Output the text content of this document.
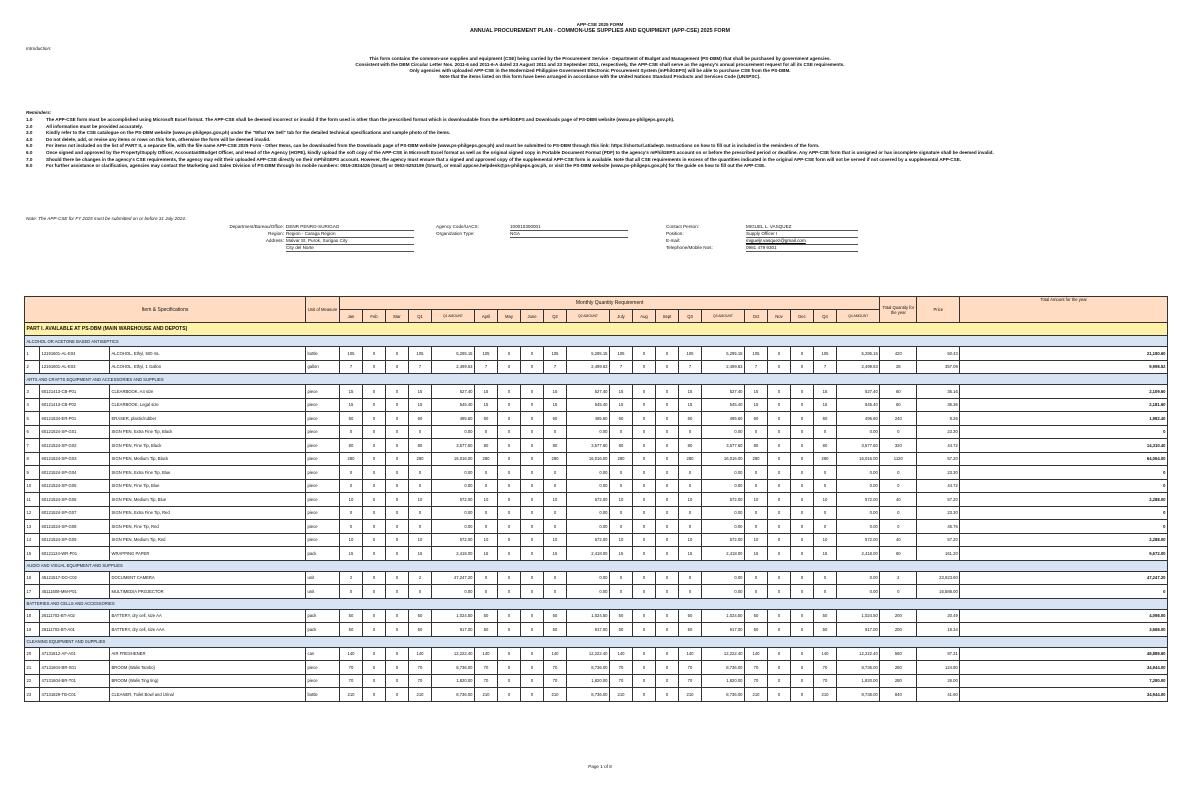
APP-CSE 2025 FORM
ANNUAL PROCUREMENT PLAN - COMMON-USE SUPPLIES AND EQUIPMENT (APP-CSE) 2025 FORM
Introduction:
This form contains the common-use supplies and equipment (CSE) being carried by the Procurement Service - Department of Budget and Management (PS-DBM) that shall be purchased by government agencies.
Consistent with the DBM Circular Letter Nos. 2011-6 and 2011-6-A dated 23 August 2011 and 23 September 2011, respectively, the APP-CSE shall serve as the agency's annual procurement request for all its CSE requirements.
Only agencies with uploaded APP-CSE in the Modernized Philippine Government Electronic Procurement System (mPhilGEPS) will be able to purchase CSE from the PS-DBM.
Note that the items listed on this form have been arranged in accordance with the United Nations Standard Products and Services Code (UNSPSC).
Reminders:
1.0	The APP-CSE form must be accomplished using Microsoft Excel format. The APP-CSE shall be deemed incorrect or invalid if the form used is other than the prescribed format which is downloadable from the mPhilGEPS and Downloads page of PS-DBM website (www.ps-philgeps.gov.ph).
2.0	All information must be provided accurately.
3.0	Kindly refer to the CSE catalogue on the PS-DBM website (www.ps-philgeps.gov.ph) under the "What We Sell" tab for the detailed technical specifications and sample photo of the items.
4.0	Do not delete, add, or revise any items or rows on this form, otherwise the form will be deemed invalid.
5.0	For items not included on the list of PART II, a separate file, with the file name APP-CSE 2025 Form - Other Items, can be downloaded from the Downloads page of PS-DBM website (www.ps-philgeps.gov.ph) and must be submitted to PS-DBM through this link: https://shorturl.at/adeq0. Instructions on how to fill out is included in the reminders of the form.
6.0	Once signed and approved by the Property/Supply Officer, Accountant/Budget Officer, and Head of the Agency (HOPE), kindly upload the soft copy of the APP-CSE in Microsoft Excel format as well as the original signed copy in Portable Document Format (PDF) to the agency's mPhilGEPS account on or before the prescribed period or deadline. Any APP-CSE form that is unsigned or has incomplete signature shall be deemed invalid.
7.0	Should there be changes in the agency's CSE requirements, the agency may edit their uploaded APP-CSE directly on their mPhilGEPS account. However, the agency must ensure that a signed and approved copy of the supplemental APP-CSE form is available. Note that all CSE requirements in excess of the quantities indicated in the original APP-CSE form will not be served if not covered by a supplemental APP-CSE.
8.0	For further assistance or clarification, agencies may contact the Marketing and Sales Division of PS-DBM through its mobile numbers: 0919-2934426 (Smart) or 0902-5253199 (Smart), or email appcse.helpdesk@ps-philgeps.gov.ph, or visit the PS-DBM website (www.ps-philgeps.gov.ph) for the guide on how to fill out the APP-CSE.
Note: The APP-CSE for FY 2025 must be submitted on or before 31 July 2024.
Department/Bureau/Office: DENR PENRO-SURIGAO
Region: Region - Caraga Region
Address: Malvar St. Purok, Surigao City
City del Norte
Agency Code/UACS:	100010300001
Organization Type:	NGA
Contact Person:	MIGUEL L. VASQUEZ
Position:	Supply Officer I
E-mail:	migueljr.vasquez@gmail.com
Telephone/Mobile Nos:	0981 479 9301
Item & Specifications			Unit of Measure	Monthly Quantity Requirement																				Total Quantity for the year	Price	Total Amount for the year
				Jan	Feb	Mar	Q1	Q1 AMOUNT	April	May	June	Q2	Q2 AMOUNT	July	Aug	Sept	Q3	Q3 AMOUNT	Oct	Nov	Dec	Q4	Q4 AMOUNT			
PART I. AVAILABLE AT PS-DBM (MAIN WAREHOUSE AND DEPOTS)																										
ALCOHOL OR ACETONE BASED ANTISEPTICS																										
1	12191601-AL-E04	ALCOHOL, Ethyl, 500 mL	bottle	105	0	0	105	5,295.15	105	0	0	105	5,295.15	105	0	0	105	5,295.15	105	0	0	105	5,295.15	420	50.43	21,180.60
2	12191601-AL-E03	ALCOHOL, Ethyl, 1 Gallon	gallon	7	0	0	7	2,499.63	7	0	0	7	2,499.63	7	0	0	7	2,499.63	7	0	0	7	2,499.63	28	357.09	9,998.52
ARTS AND CRAFTS EQUIPMENT AND ACCESSORIES AND SUPPLIES																										
3	60121413-CB-P01	CLEARBOOK, A4 size	piece	15	0	0	15	527.40	15	0	0	15	527.40	15	0	0	15	527.40	15	0	0	15	527.40	60	35.16	2,109.60
4	60121413-CB-P02	CLEARBOOK, Legal size	piece	15	0	0	15	545.40	15	0	0	15	545.40	15	0	0	15	545.40	15	0	0	15	545.40	60	36.36	2,181.60
5	60121534-ER-P01	ERASER, plastic/rubber	piece	60	0	0	60	495.60	60	0	0	60	495.60	60	0	0	60	495.60	60	0	0	60	495.60	240	8.26	1,982.40
6	60121524-SP-G01	SIGN PEN, Extra Fine Tip, Black	piece	0	0	0	0	0.00	0	0	0	0	0.00	0	0	0	0	0.00	0	0	0	0	0.00	0	23.30	0
7	60121524-SP-G02	SIGN PEN, Fine Tip, Black	piece	80	0	0	80	3,577.60	80	0	0	80	3,577.60	80	0	0	80	3,577.60	80	0	0	80	3,577.60	320	44.72	14,310.40
8	60121524-SP-G03	SIGN PEN, Medium Tip, Black	piece	280	0	0	280	16,016.00	280	0	0	280	16,016.00	280	0	0	280	16,016.00	280	0	0	280	16,016.00	1120	57.20	64,064.00
9	60121524-SP-G04	SIGN PEN, Extra Fine Tip, Blue	piece	0	0	0	0	0.00	0	0	0	0	0.00	0	0	0	0	0.00	0	0	0	0	0.00	0	23.30	0
10	60121524-SP-G05	SIGN PEN, Fine Tip, Blue	piece	0	0	0	0	0.00	0	0	0	0	0.00	0	0	0	0	0.00	0	0	0	0	0.00	0	44.72	0
11	60121524-SP-G06	SIGN PEN, Medium Tip, Blue	piece	10	0	0	10	572.00	10	0	0	10	572.00	10	0	0	10	572.00	10	0	0	10	572.00	40	57.20	2,288.00
12	60121524-SP-G07	SIGN PEN, Extra Fine Tip, Red	piece	0	0	0	0	0.00	0	0	0	0	0.00	0	0	0	0	0.00	0	0	0	0	0.00	0	23.30	0
13	60121524-SP-G08	SIGN PEN, Fine Tip, Red	piece	0	0	0	0	0.00	0	0	0	0	0.00	0	0	0	0	0.00	0	0	0	0	0.00	0	45.76	0
14	60121524-SP-G09	SIGN PEN, Medium Tip, Red	piece	10	0	0	10	572.00	10	0	0	10	572.00	10	0	0	10	572.00	10	0	0	10	572.00	40	57.20	2,288.00
15	60121124-WR-P01	WRAPPING PAPER	pack	15	0	0	15	2,418.00	15	0	0	15	2,418.00	15	0	0	15	2,418.00	15	0	0	15	2,418.00	60	161.20	9,672.00
AUDIO AND VISUAL EQUIPMENT AND SUPPLIES																										
16	45121517-DO-C02	DOCUMENT CAMERA	unit	2	0	0	2	47,247.20	0	0	0	0	0.00	0	0	0	0	0.00	0	0	0	0	0.00	2	23,623.60	47,247.20
17	45111609-MM-P01	MULTIMEDIA PROJECTOR	unit	0	0	0	0	0.00	0	0	0	0	0.00	0	0	0	0	0.00	0	0	0	0	0.00	0	16,588.00	0
BATTERIES AND CELLS AND ACCESSORIES																										
18	26111702-BT-A02	BATTERY, dry cell, size AA	pack	50	0	0	50	1,024.50	50	0	0	50	1,024.50	50	0	0	50	1,024.50	50	0	0	50	1,024.50	200	20.49	4,098.00
19	26111702-BT-A01	BATTERY, dry cell, size AAA	pack	50	0	0	50	917.00	50	0	0	50	917.00	50	0	0	50	917.00	50	0	0	50	917.00	200	18.34	3,668.00
CLEANING EQUIPMENT AND SUPPLIES																										
20	47131812-AF-A01	AIR FRESHENER	can	140	0	0	140	12,222.40	140	0	0	140	12,222.40	140	0	0	140	12,222.40	140	0	0	140	12,222.40	560	87.31	48,889.60
21	47131604-BR-S01	BROOM (Walis Tambo)	piece	70	0	0	70	8,736.00	70	0	0	70	8,736.00	70	0	0	70	8,736.00	70	0	0	70	8,736.00	280	124.80	34,944.00
22	47131604-BR-T01	BROOM (Walis Ting ting)	piece	70	0	0	70	1,820.00	70	0	0	70	1,820.00	70	0	0	70	1,820.00	70	0	0	70	1,820.00	280	26.00	7,280.00
23	47131829-TB-C01	CLEANER, Toilet Bowl and Urinal	bottle	210	0	0	210	8,736.00	210	0	0	210	8,736.00	210	0	0	210	8,736.00	210	0	0	210	8,736.00	840	41.60	34,944.00
Page 1 of 8
